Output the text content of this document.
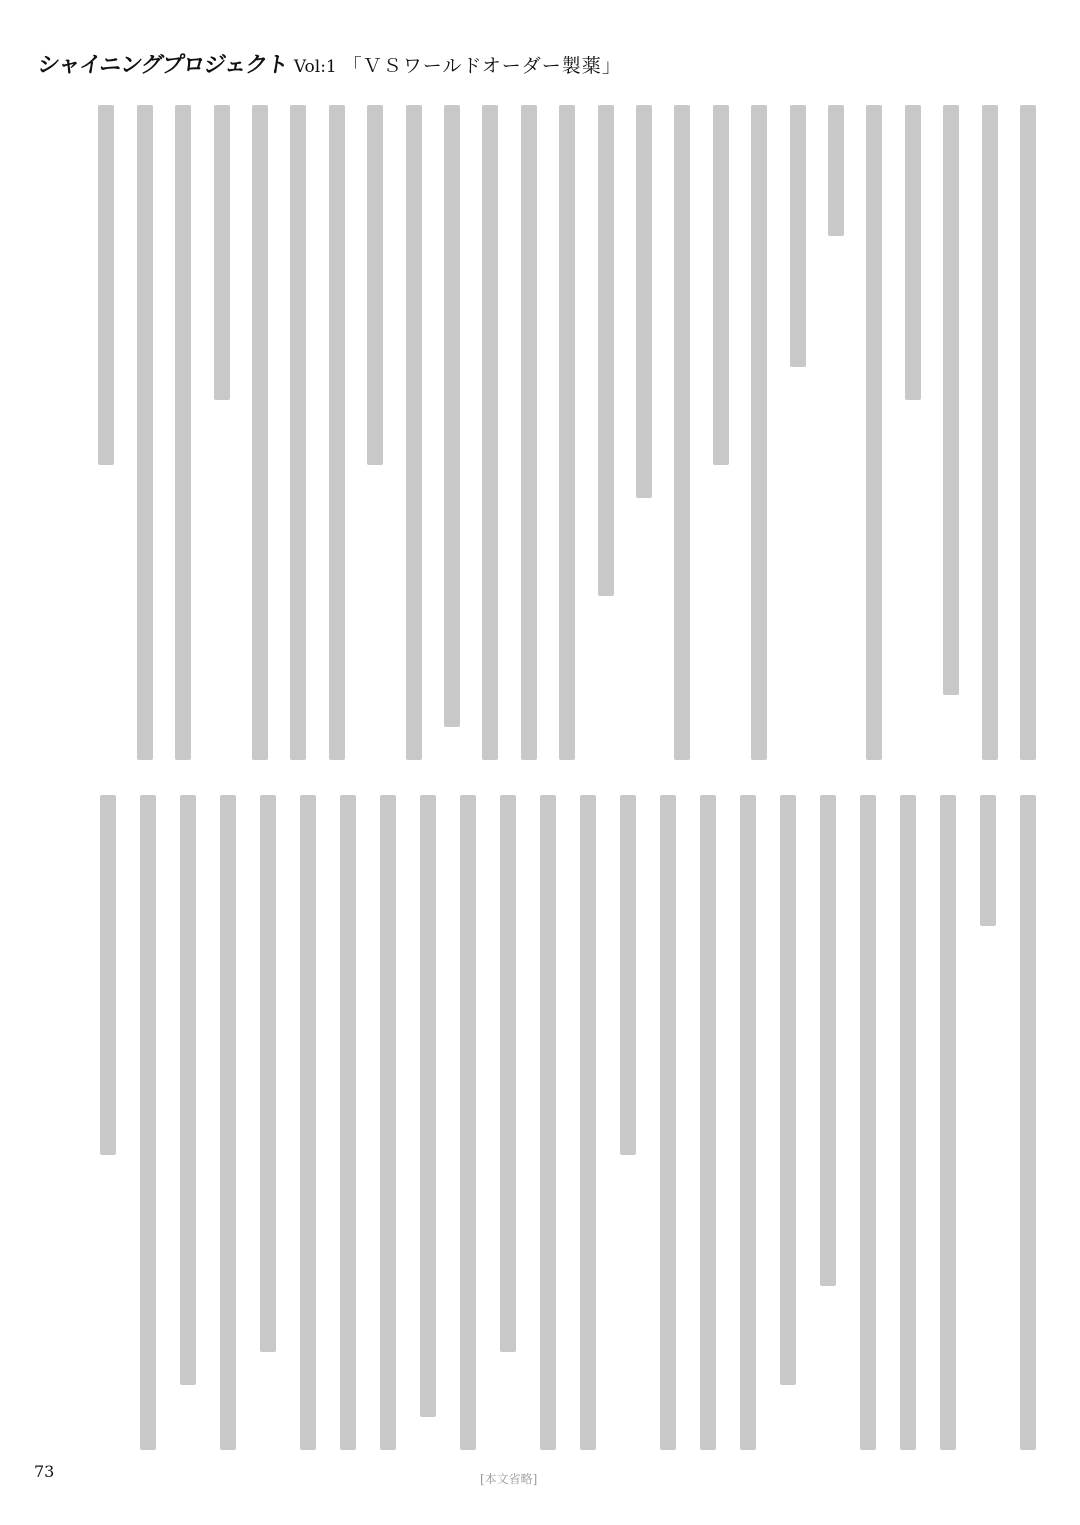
シャイニングプロジェクト Vol:1 「ＶＳワールドオーダー製薬」
[本文省略]
73
